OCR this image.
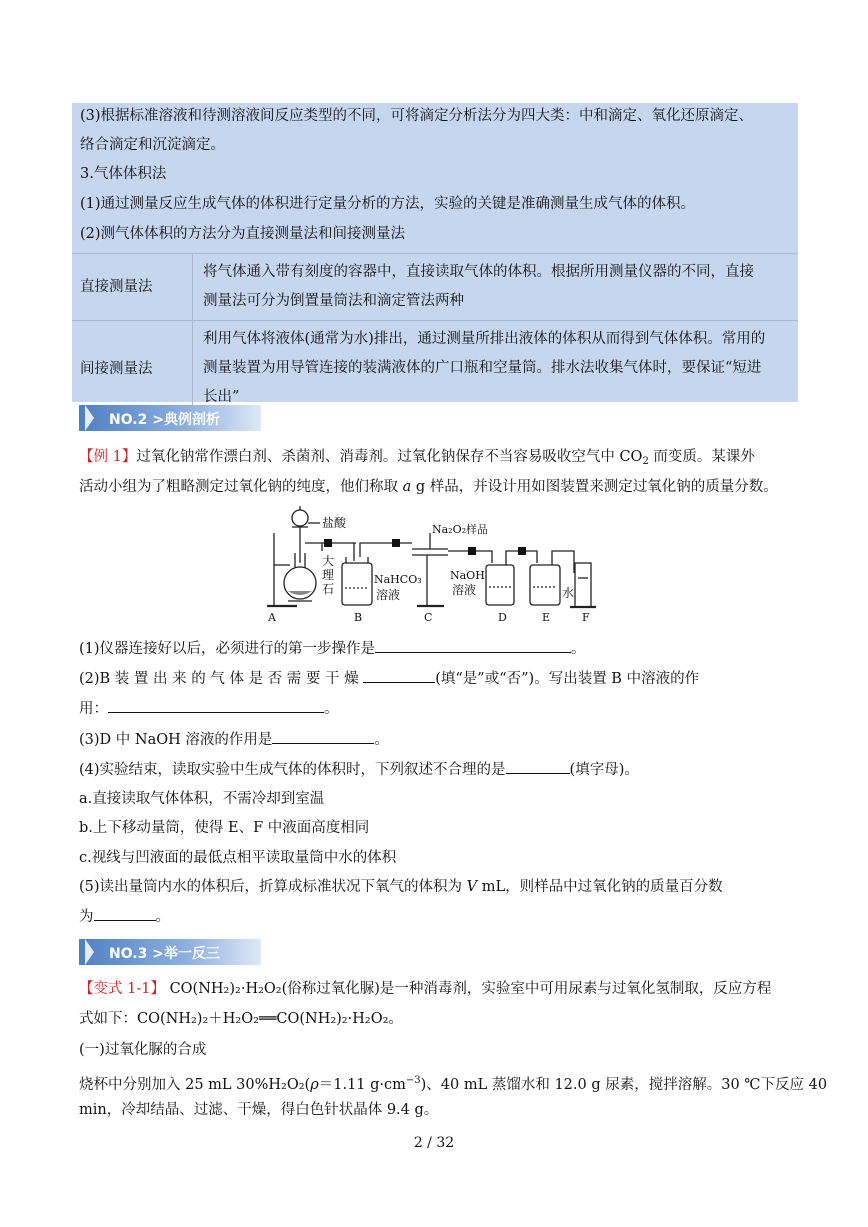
(3)根据标准溶液和待测溶液间反应类型的不同，可将滴定分析法分为四大类：中和滴定、氧化还原滴定、
络合滴定和沉淀滴定。
3.气体体积法
(1)通过测量反应生成气体的体积进行定量分析的方法，实验的关键是准确测量生成气体的体积。
(2)测气体体积的方法分为直接测量法和间接测量法
直接测量法	将气体通入带有刻度的容器中，直接读取气体的体积。根据所用测量仪器的不同，直接
测量法可分为倒置量筒法和滴定管法两种

间接测量法	利用气体将液体(通常为水)排出，通过测量所排出液体的体积从而得到气体体积。常用的
测量装置为用导管连接的装满液体的广口瓶和空量筒。排水法收集气体时，要保证“短进
长出”
NO.2 >典例剖析
【例 1】过氧化钠常作漂白剂、杀菌剂、消毒剂。过氧化钠保存不当容易吸收空气中 $CO_2$ 而变质。某课外
活动小组为了粗略测定过氧化钠的纯度，他们称取 a g 样品，并设计用如图装置来测定过氧化钠的质量分数。
盐酸
大
理
石
NaHCO₃
溶液
Na₂O₂样品
NaOH
溶液	水
A	B	C	D	E	F
(1)仪器连接好以后，必须进行的第一步操作是	。
(2)B 装 置 出 来 的 气 体 是 否 需 要 干 燥	(填“是”或“否”)。写出装置 B 中溶液的作
用：	。
(3)D 中 NaOH 溶液的作用是	。
(4)实验结束，读取实验中生成气体的体积时，下列叙述不合理的是	(填字母)。
a.直接读取气体体积，不需冷却到室温
b.上下移动量筒，使得 E、F 中液面高度相同
c.视线与凹液面的最低点相平读取量筒中水的体积
(5)读出量筒内水的体积后，折算成标准状况下氧气的体积为 V mL，则样品中过氧化钠的质量百分数
为	。
NO.3 >举一反三
【变式 1-1】 CO(NH₂)₂·H₂O₂(俗称过氧化脲)是一种消毒剂，实验室中可用尿素与过氧化氢制取，反应方程
式如下：CO(NH₂)₂＋H₂O₂══CO(NH₂)₂·H₂O₂。
(一)过氧化脲的合成
烧杯中分别加入 25 mL 30%H₂O₂(ρ＝1.11 $g\cdot cm^{-3}$)、40 mL 蒸馏水和 12.0 g 尿素，搅拌溶解。30 ℃下反应 40
min，冷却结晶、过滤、干燥，得白色针状晶体 9.4 g。
2 / 32
